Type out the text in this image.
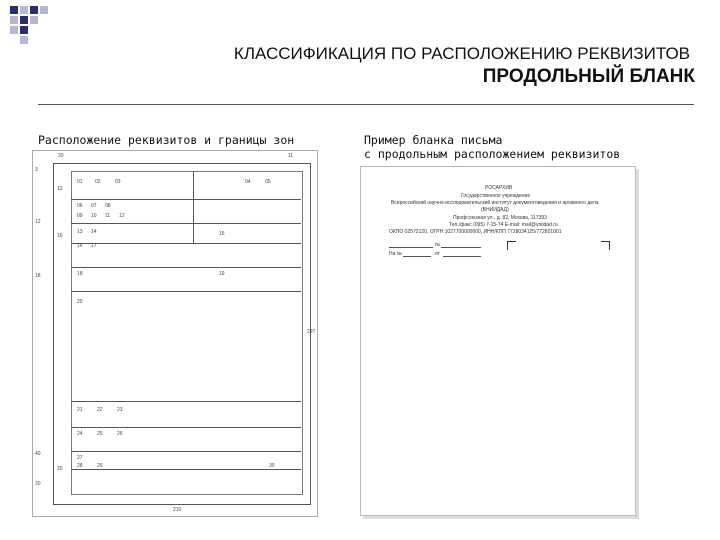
КЛАССИФИКАЦИЯ ПО РАСПОЛОЖЕНИЮ РЕКВИЗИТОВ
ПРОДОЛЬНЫЙ БЛАНК
Расположение реквизитов и границы зон	Пример бланка письма
с продольным расположением реквизитов
20	11
297
210
3
12
18
40
20
12
16
20
01 02	03	04	05
06 07 08
09 10 11 12
13 14	15
16 17
18	19
20
21	22	23
24	25	26
27
28	29	30
РОСАРХИВ
Государственное учреждение
Всероссийский научно-исследовательский институт документоведения и архивного дела
(ВНИИДАД)
Профсоюзная ул., д. 82, Москва, 117393
Тел./факс (095) 7-15-74 E-mail: mail@vniidad.ru
ОКПО 02572120, ОГРН 1027700000000, ИНН/КПП 7728034125/772801001
№
На №	от
